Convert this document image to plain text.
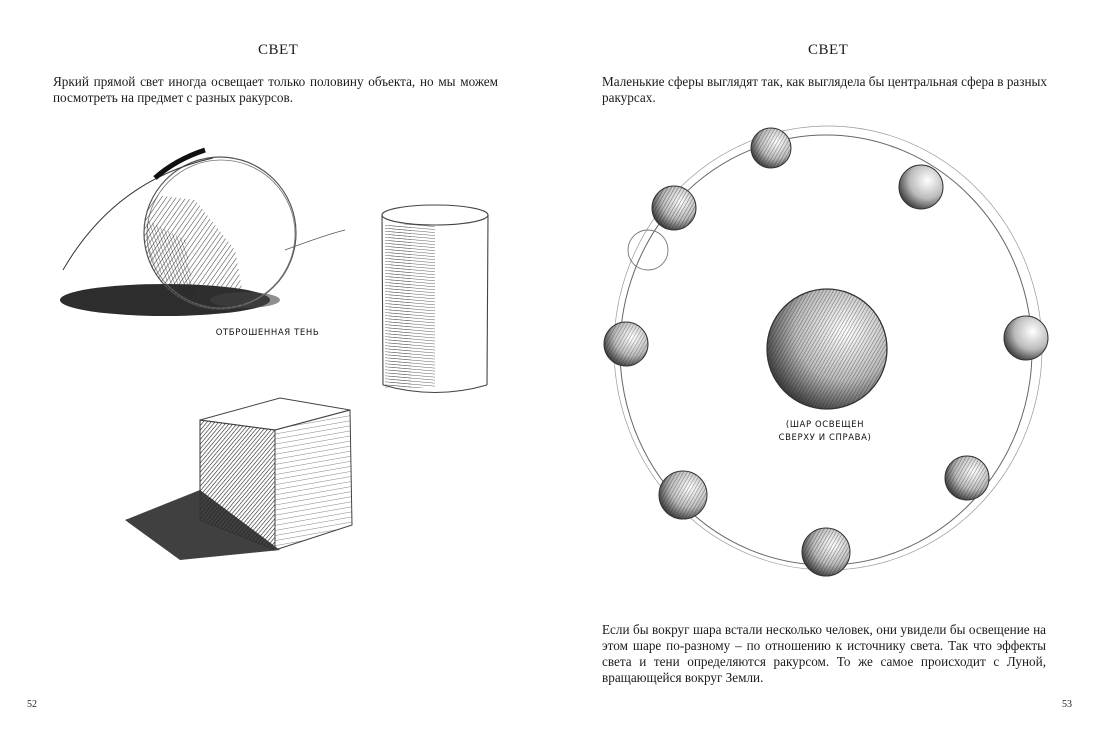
СВЕТ
Яркий прямой свет иногда освещает только половину объекта, но мы можем посмотреть на предмет с разных ракурсов.
ОТБРОШЕННАЯ ТЕНЬ
52
СВЕТ
Маленькие сферы выглядят так, как выглядела бы центральная сфера в разных ракурсах.
(ШАР ОСВЕЩЕН
СВЕРХУ И СПРАВА)
Если бы вокруг шара встали несколько человек, они увидели бы освещение на этом шаре по-разному – по отношению к источнику света. Так что эффекты света и тени определяются ракурсом. То же самое происходит с Луной, вращающейся вокруг Земли.
53
